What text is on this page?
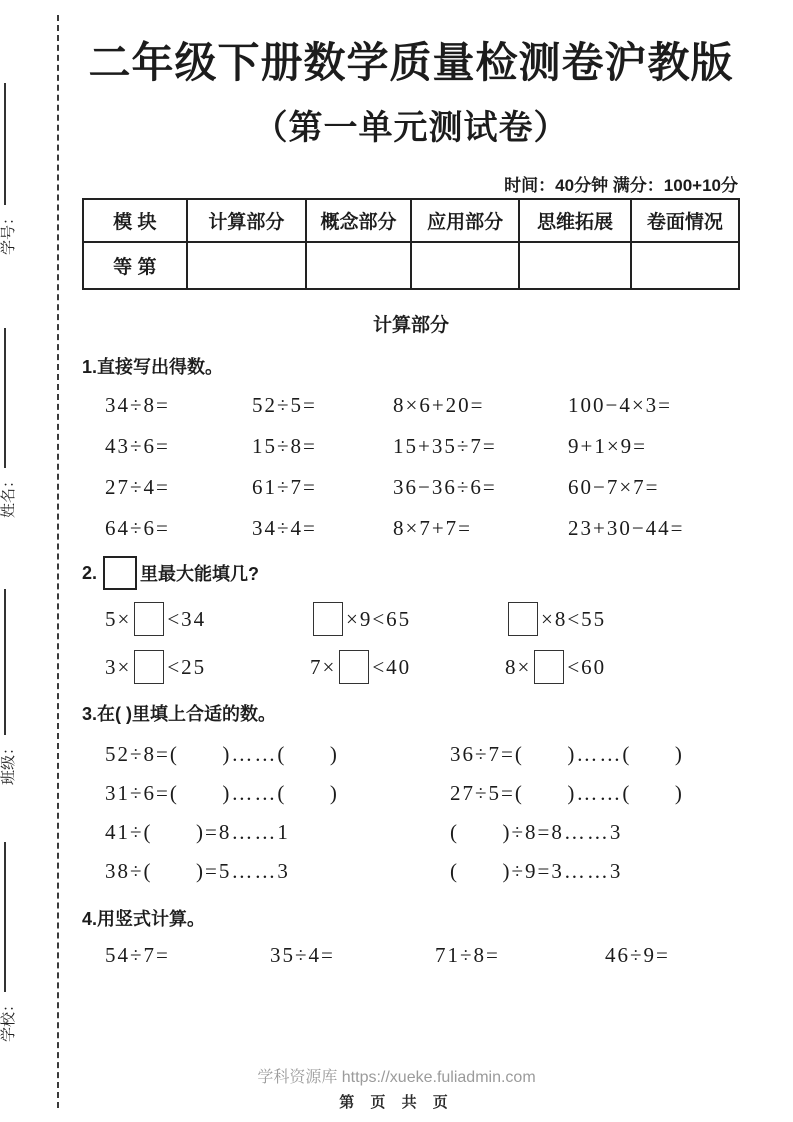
学号：
姓名：
班级：
学校：
二年级下册数学质量检测卷沪教版
（第一单元测试卷）
时间：40分钟 满分：100+10分
模 块	计算部分	概念部分	应用部分	思维拓展	卷面情况
等 第					
计算部分
1.直接写出得数。
34÷8=	52÷5=	8×6+20=	100−4×3=
43÷6=	15÷8=	15+35÷7=	9+1×9=
27÷4=	61÷7=	36−36÷6=	60−7×7=
64÷6=	34÷4=	8×7+7=	23+30−44=
2. 里最大能填几?
5× <34	×9<65	×8<55
3× <25	7× <40	8× <60
3.在( )里填上合适的数。
52÷8=(      )……(      )	36÷7=(      )……(      )
31÷6=(      )……(      )	27÷5=(      )……(      )
41÷(      )=8……1	(      )÷8=8……3
38÷(      )=5……3	(      )÷9=3……3
4.用竖式计算。
54÷7=	35÷4=	71÷8=	46÷9=
学科资源库 https://xueke.fuliadmin.com
第 页 共 页
